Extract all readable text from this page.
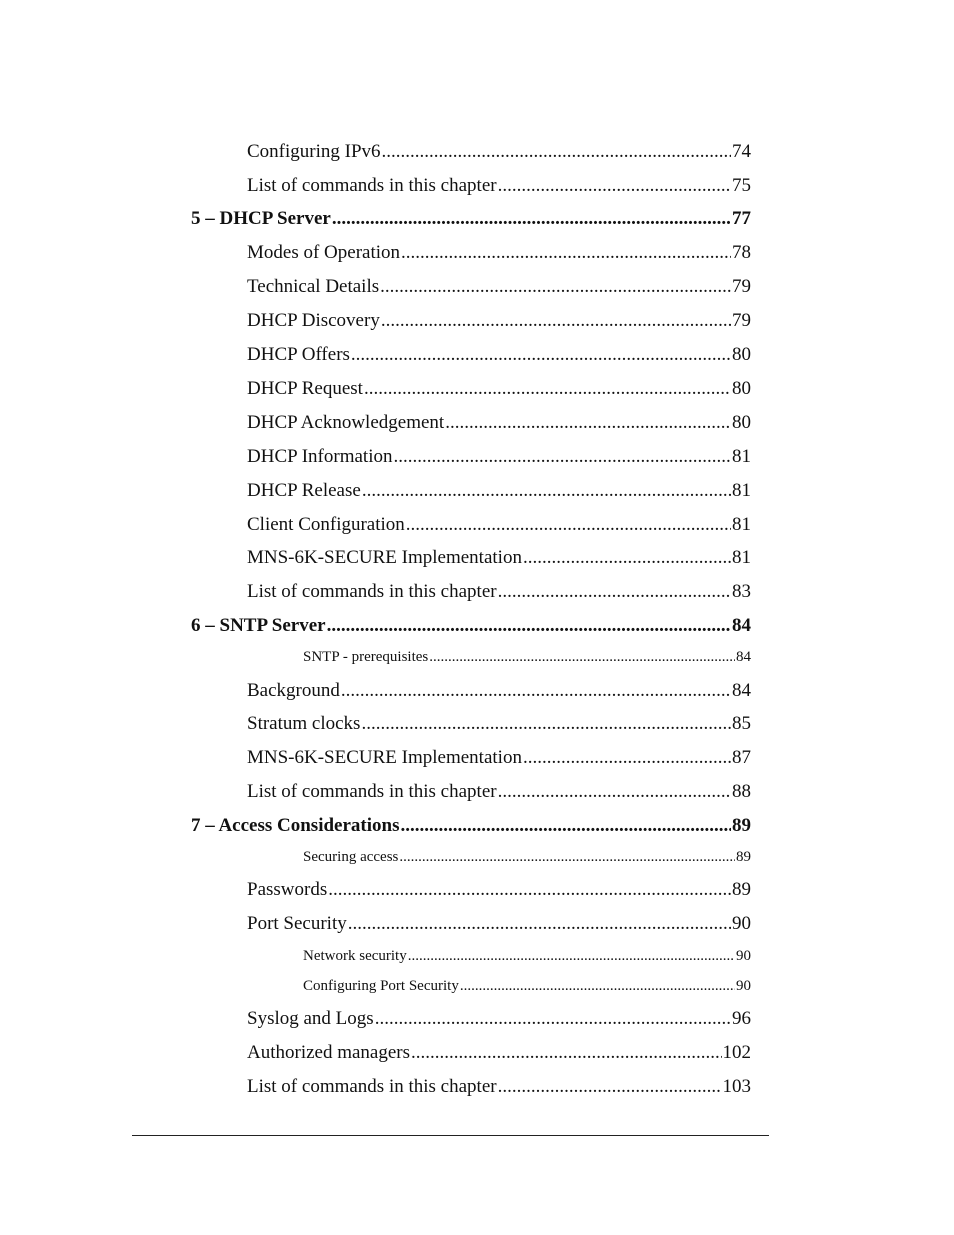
Configuring IPv6 .....	74
List of commands in this chapter .....	75
5 – DHCP Server .....	77
Modes of Operation .....	78
Technical Details .....	79
DHCP Discovery .....	79
DHCP Offers .....	80
DHCP Request .....	80
DHCP Acknowledgement .....	80
DHCP Information .....	81
DHCP Release .....	81
Client Configuration .....	81
MNS-6K-SECURE Implementation .....	81
List of commands in this chapter .....	83
6 – SNTP Server .....	84
SNTP - prerequisites .....	84
Background .....	84
Stratum clocks .....	85
MNS-6K-SECURE Implementation .....	87
List of commands in this chapter .....	88
7 – Access Considerations .....	89
Securing access .....	89
Passwords .....	89
Port Security .....	90
Network security .....	90
Configuring Port Security .....	90
Syslog and Logs .....	96
Authorized managers .....	102
List of commands in this chapter .....	103
